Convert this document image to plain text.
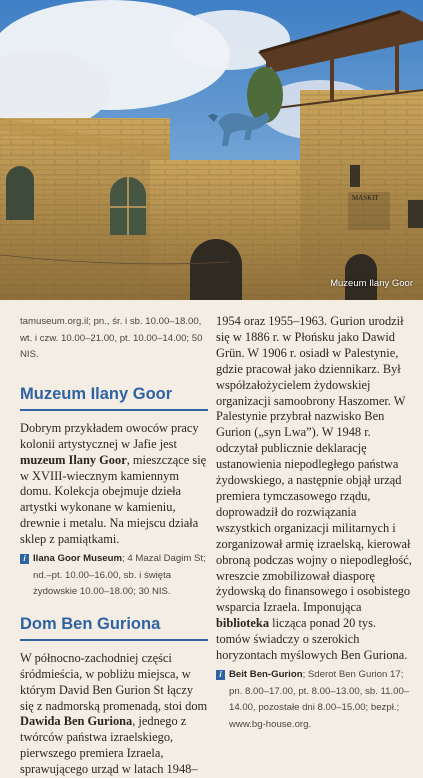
MASKIT
Muzeum Ilany Goor

tamuseum.org.il; pn., śr. i sb. 10.00–18.00, wt. i czw. 10.00–21.00, pt. 10.00–14.00; 50 NIS.

Muzeum Ilany Goor

Dobrym przykładem owoców pracy kolonii artystycznej w Jafie jest muzeum Ilany Goor, mieszczące się w XVIII-wiecznym kamiennym domu. Kolekcja obejmuje dzieła artystki wykonane w kamieniu, drewnie i metalu. Na miejscu działa sklep z pamiątkami.

i Ilana Goor Museum; 4 Mazal Dagim St; nd.–pt. 10.00–16.00, sb. i święta żydowskie 10.00–18.00; 30 NIS.

Dom Ben Guriona

W północno-zachodniej części śródmieścia, w pobliżu miejsca, w którym David Ben Gurion St łączy się z nadmorską promenadą, stoi dom Dawida Ben Guriona, jednego z twórców państwa izraelskiego, pierwszego premiera Izraela, sprawującego urząd w latach 1948–

1954 oraz 1955–1963. Gurion urodził się w 1886 r. w Płońsku jako Dawid Grün. W 1906 r. osiadł w Palestynie, gdzie pracował jako dziennikarz. Był współzałożycielem żydowskiej organizacji samoobrony Haszomer. W Palestynie przybrał nazwisko Ben Gurion („syn Lwa”). W 1948 r. odczytał publicznie deklarację ustanowienia niepodległego państwa żydowskiego, a następnie objął urząd premiera tymczasowego rządu, doprowadził do rozwiązania wszystkich organizacji militarnych i zorganizował armię izraelską, kierował obroną podczas wojny o niepodległość, wreszcie zmobilizował diasporę żydowską do finansowego i osobistego wsparcia Izraela. Imponująca biblioteka licząca ponad 20 tys. tomów świadczy o szerokich horyzontach myślowych Ben Guriona.

i Beit Ben-Gurion; Sderot Ben Gurion 17; pn. 8.00–17.00, pt. 8.00–13.00, sb. 11.00–14.00, pozostałe dni 8.00–15.00; bezpł.; www.bg-house.org.
